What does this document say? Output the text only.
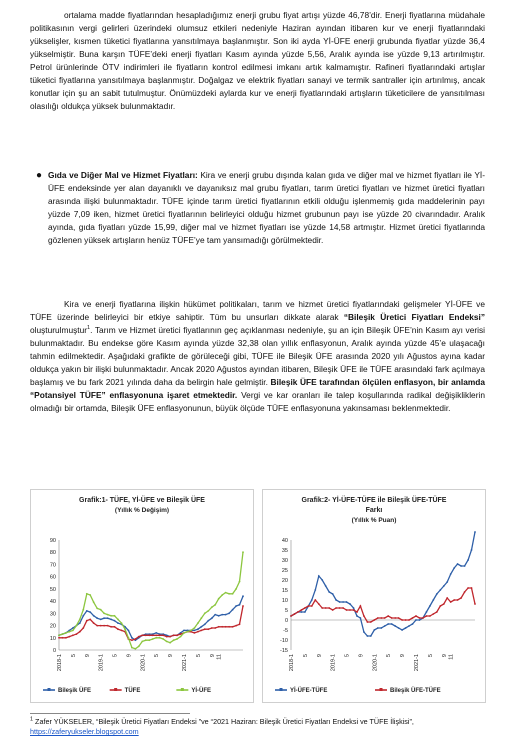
ortalama madde fiyatlarından hesapladığımız enerji grubu fiyat artışı yüzde 46,78’dir. Enerji fiyatlarına müdahale politikasının vergi gelirleri üzerindeki olumsuz etkileri nedeniyle Haziran ayından itibaren kur ve enerji fiyatlarındaki yükselişler, kısmen tüketici fiyatlarına yansıtılmaya başlanmıştır. Son iki ayda Yİ-ÜFE enerji grubunda fiyatlar yüzde 36,4 yükselmiştir. Buna karşın TÜFE’deki enerji fiyatları Kasım ayında yüzde 5,56, Aralık ayında ise yüzde 9,13 artırılmıştır. Petrol ürünlerinde ÖTV indirimleri ile fiyatların kontrol edilmesi imkanı artık kalmamıştır. Rafineri fiyatlarındaki artışlar tüketici fiyatlarına yansıtılmaya başlanmıştır. Doğalgaz ve elektrik fiyatları sanayi ve termik santraller için artırılmış, ancak konutlar için şu an sabit tutulmuştur. Önümüzdeki aylarda kur ve enerji fiyatlarındaki artışların tüketicilere de yansıtılması olasılığı oldukça yüksek bulunmaktadır.
● Gıda ve Diğer Mal ve Hizmet Fiyatları: Kira ve enerji grubu dışında kalan gıda ve diğer mal ve hizmet fiyatları ile Yİ-ÜFE endeksinde yer alan dayanıklı ve dayanıksız mal grubu fiyatları, tarım üretici fiyatları ve hizmet üretici fiyatları arasında ilişki bulunmaktadır. TÜFE içinde tarım üretici fiyatlarının etkili olduğu işlenmemiş gıda maddelerinin payı yüzde 7,09 iken, hizmet üretici fiyatlarının belirleyici olduğu hizmet grubunun payı ise yüzde 20 civarındadır. Aralık ayında, gıda fiyatları yüzde 15,99, diğer mal ve hizmet fiyatları ise yüzde 14,58 artmıştır. Hizmet üretici fiyatlarında gözlenen yüksek artışların henüz TÜFE’ye tam yansımadığı görülmektedir.
Kira ve enerji fiyatlarına ilişkin hükümet politikaları, tarım ve hizmet üretici fiyatlarındaki gelişmeler Yİ-ÜFE ve TÜFE üzerinde belirleyici bir etkiye sahiptir. Tüm bu unsurları dikkate alarak “Bileşik Üretici Fiyatları Endeksi” oluşturulmuştur$^1$. Tarım ve Hizmet üretici fiyatlarının geç açıklanması nedeniyle, şu an için Bileşik ÜFE’nin Kasım ayı verisi bulunmaktadır. Bu endekse göre Kasım ayında yüzde 32,38 olan yıllık enflasyonun, Aralık ayında yüzde 45’e ulaşacağı tahmin edilmektedir. Aşağıdaki grafikte de görüleceği gibi, TÜFE ile Bileşik ÜFE arasında 2020 yılı Ağustos ayına kadar oldukça yakın bir ilişki bulunmaktadır. Ancak 2020 Ağustos ayından itibaren, Bileşik ÜFE ile TÜFE arasındaki fark açılmaya başlamış ve bu fark 2021 yılında daha da belirgin hale gelmiştir. Bileşik ÜFE tarafından ölçülen enflasyon, bir anlamda “Potansiyel TÜFE” enflasyonuna işaret etmektedir. Vergi ve kar oranları ile talep koşullarında radikal değişikliklerin olmadığı bir ortamda, Bileşik ÜFE enflasyonunun, büyük ölçüde TÜFE enflasyonuna yakınsaması beklenmektedir.
Grafik:1- TÜFE, Yİ-ÜFE ve Bileşik ÜFE
(Yıllık % Değişim)
0
10
20
30
40
50
60
70
80
90
2018-1 5 9 2019-1 5 9 2020-1 5 9 2021-1 5 9 11
Bileşik ÜFE	TÜFE	Yİ-ÜFE
Grafik:2- Yİ-ÜFE-TÜFE ile Bileşik ÜFE-TÜFE
Farkı
(Yıllık % Puan)
-15
-10
-5
0
5
10
15
20
25
30
35
40
2018-1 5 9 2019-1 5 9 2020-1 5 9 2021-1 5 9 11
Yİ-ÜFE-TÜFE	Bileşik ÜFE-TÜFE
$^1$ Zafer YÜKSELER, “Bileşik Üretici Fiyatları Endeksi ”ve “2021 Haziran: Bileşik Üretici Fiyatları Endeksi ve TÜFE İlişkisi”, https://zaferyukseler.blogspot.com
